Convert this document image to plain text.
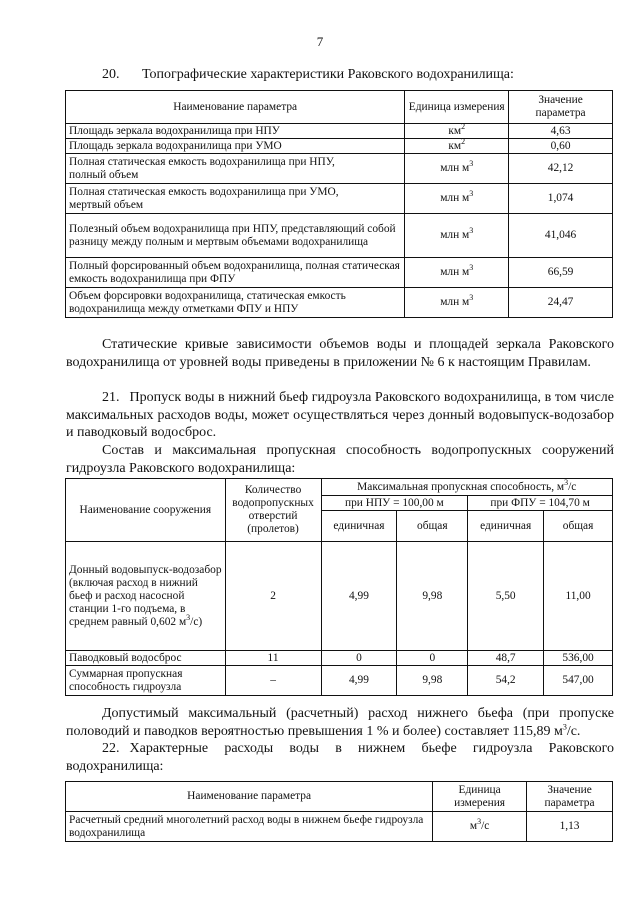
7
20. Топографические характеристики Раковского водохранилища:
Наименование параметра	Единица измерения	Значение параметра
Площадь зеркала водохранилища при НПУ	$км^2$	4,63
Площадь зеркала водохранилища при УМО	$км^2$	0,60
Полная статическая емкость водохранилища при НПУ, полный объем	млн $м^3$	42,12
Полная статическая емкость водохранилища при УМО, мертвый объем	млн $м^3$	1,074
Полезный объем водохранилища при НПУ, представляющий собой разницу между полным и мертвым объемами водохранилища	млн $м^3$	41,046
Полный форсированный объем водохранилища, полная статическая емкость водохранилища при ФПУ	млн $м^3$	66,59
Объем форсировки водохранилища, статическая емкость водохранилища между отметками ФПУ и НПУ	млн $м^3$	24,47
Статические кривые зависимости объемов воды и площадей зеркала Раковского водохранилища от уровней воды приведены в приложении № 6 к настоящим Правилам.
21. Пропуск воды в нижний бьеф гидроузла Раковского водохранилища, в том числе максимальных расходов воды, может осуществляться через донный водовыпуск-водозабор и паводковый водосброс.
Состав и максимальная пропускная способность водопропускных сооружений гидроузла Раковского водохранилища:
Наименование сооружения	Количество водопропускных отверстий (пролетов)	Максимальная пропускная способность, $м^3/с$			
		при НПУ = 100,00 м		при ФПУ = 104,70 м	
		единичная	общая	единичная	общая
Донный водовыпуск-водозабор (включая расход в нижний бьеф и расход насосной станции 1-го подъема, в среднем равный 0,602 $м^3/с$)	2	4,99	9,98	5,50	11,00
Паводковый водосброс	11	0	0	48,7	536,00
Суммарная пропускная способность гидроузла	–	4,99	9,98	54,2	547,00
Допустимый максимальный (расчетный) расход нижнего бьефа (при пропуске половодий и паводков вероятностью превышения 1 % и более) составляет 115,89 $м^3/с$.
22. Характерные расходы воды в нижнем бьефе гидроузла Раковского водохранилища:
Наименование параметра	Единица измерения	Значение параметра
Расчетный средний многолетний расход воды в нижнем бьефе гидроузла водохранилища	$м^3/с$	1,13
